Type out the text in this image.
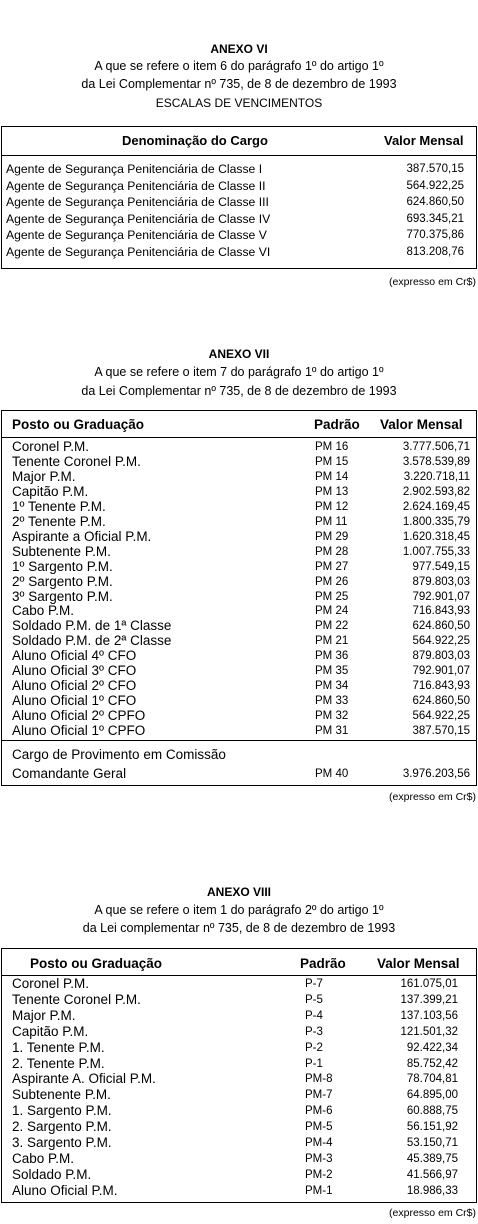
ANEXO VI
A que se refere o item 6 do parágrafo 1º do artigo 1º
da Lei Complementar nº 735, de 8 de dezembro de 1993
ESCALAS DE VENCIMENTOS
Denominação do Cargo	Valor Mensal
Agente de Segurança Penitenciária de Classe I	387.570,15
Agente de Segurança Penitenciária de Classe II	564.922,25
Agente de Segurança Penitenciária de Classe III	624.860,50
Agente de Segurança Penitenciária de Classe IV	693.345,21
Agente de Segurança Penitenciária de Classe V	770.375,86
Agente de Segurança Penitenciária de Classe VI	813.208,76
(expresso em Cr$)
ANEXO VII
A que se refere o item 7 do parágrafo 1º do artigo 1º
da Lei Complementar nº 735, de 8 de dezembro de 1993
Posto ou Graduação	Padrão Valor Mensal
Coronel P.M.	PM 16	3.777.506,71
Tenente Coronel P.M.	PM 15	3.578.539,89
Major P.M.	PM 14	3.220.718,11
Capitão P.M.	PM 13	2.902.593,82
1º Tenente P.M.	PM 12	2.624.169,45
2º Tenente P.M.	PM 11	1.800.335,79
Aspirante a Oficial P.M.	PM 29	1.620.318,45
Subtenente P.M.	PM 28	1.007.755,33
1º Sargento P.M.	PM 27	977.549,15
2º Sargento P.M.	PM 26	879.803,03
3º Sargento P.M.	PM 25	792.901,07
Cabo P.M.	PM 24	716.843,93
Soldado P.M. de 1ª Classe	PM 22	624.860,50
Soldado P.M. de 2ª Classe	PM 21	564.922,25
Aluno Oficial 4º CFO	PM 36	879.803,03
Aluno Oficial 3º CFO	PM 35	792.901,07
Aluno Oficial 2º CFO	PM 34	716.843,93
Aluno Oficial 1º CFO	PM 33	624.860,50
Aluno Oficial 2º CPFO	PM 32	564.922,25
Aluno Oficial 1º CPFO	PM 31	387.570,15
Cargo de Provimento em Comissão
Comandante Geral	PM 40	3.976.203,56
(expresso em Cr$)
ANEXO VIII
A que se refere o item 1 do parágrafo 2º do artigo 1º
da Lei complementar nº 735, de 8 de dezembro de 1993
Posto ou Graduação	Padrão Valor Mensal
Coronel P.M.	P-7	161.075,01
Tenente Coronel P.M.	P-5	137.399,21
Major P.M.	P-4	137.103,56
Capitão P.M.	P-3	121.501,32
1. Tenente P.M.	P-2	92.422,34
2. Tenente P.M.	P-1	85.752,42
Aspirante A. Oficial P.M.	PM-8	78.704,81
Subtenente P.M.	PM-7	64.895,00
1. Sargento P.M.	PM-6	60.888,75
2. Sargento P.M.	PM-5	56.151,92
3. Sargento P.M.	PM-4	53.150,71
Cabo P.M.	PM-3	45.389,75
Soldado P.M.	PM-2	41.566,97
Aluno Oficial P.M.	PM-1	18.986,33
(expresso em Cr$)
